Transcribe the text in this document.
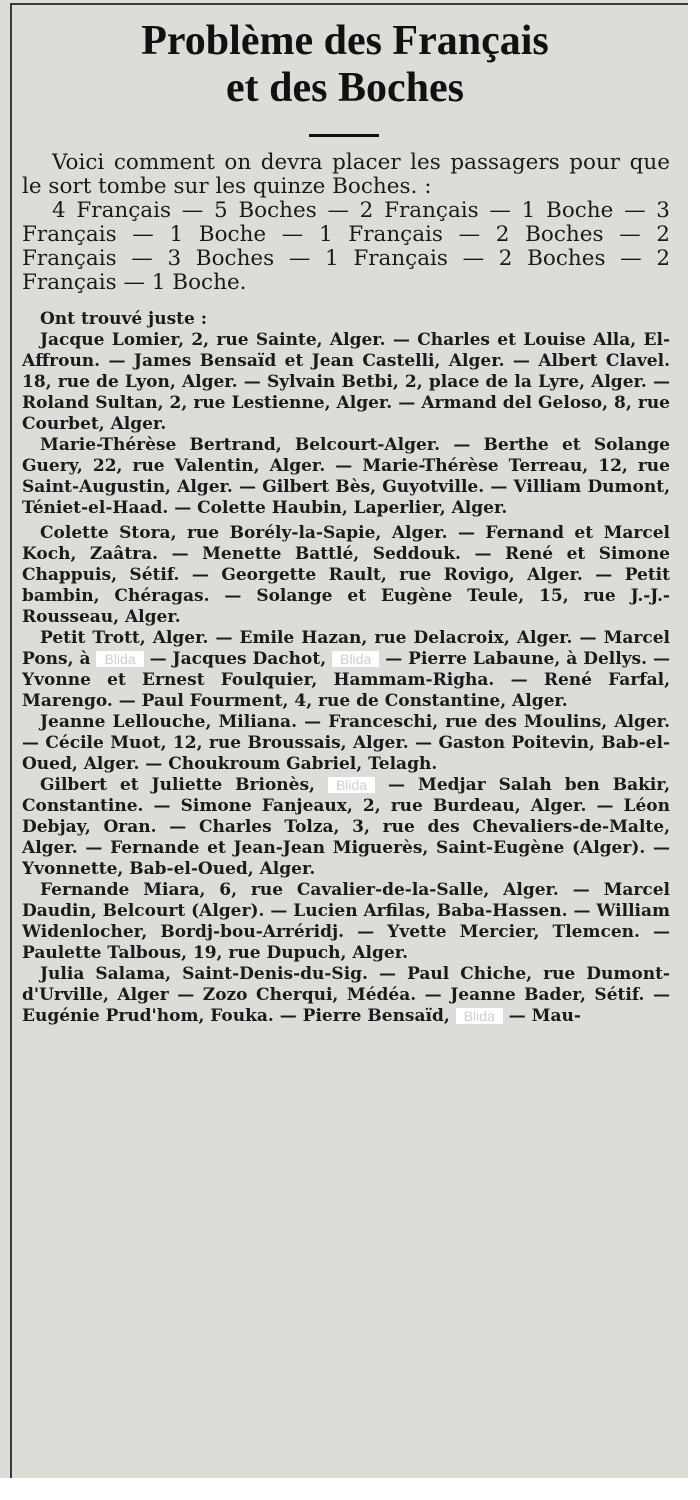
Problème des Français
et des Boches

Voici comment on devra placer les passagers pour que le sort tombe sur les quinze Boches. :

4 Français — 5 Boches — 2 Français — 1 Boche — 3 Français — 1 Boche — 1 Français — 2 Boches — 2 Français — 3 Boches — 1 Français — 2 Boches — 2 Français — 1 Boche.

Ont trouvé juste :

Jacque Lomier, 2, rue Sainte, Alger. — Charles et Louise Alla, El-Affroun. — James Bensaïd et Jean Castelli, Alger. — Albert Clavel. 18, rue de Lyon, Alger. — Sylvain Betbi, 2, place de la Lyre, Alger. — Roland Sultan, 2, rue Lestienne, Alger. — Armand del Geloso, 8, rue Courbet, Alger.

Marie-Thérèse Bertrand, Belcourt-Alger. — Berthe et Solange Guery, 22, rue Valentin, Alger. — Marie-Thérèse Terreau, 12, rue Saint-Augustin, Alger. — Gilbert Bès, Guyotville. — Villiam Dumont, Téniet-el-Haad. — Colette Haubin, Laperlier, Alger.

Colette Stora, rue Borély-la-Sapie, Alger. — Fernand et Marcel Koch, Zaâtra. — Menette Battlé, Seddouk. — René et Simone Chappuis, Sétif. — Georgette Rault, rue Rovigo, Alger. — Petit bambin, Chéragas. — Solange et Eugène Teule, 15, rue J.-J.-Rousseau, Alger.

Petit Trott, Alger. — Emile Hazan, rue Delacroix, Alger. — Marcel Pons, à Blida — Jacques Dachot, Blida — Pierre Labaune, à Dellys. — Yvonne et Ernest Foulquier, Hammam-Righa. — René Farfal, Marengo. — Paul Fourment, 4, rue de Constantine, Alger.

Jeanne Lellouche, Miliana. — Franceschi, rue des Moulins, Alger. — Cécile Muot, 12, rue Broussais, Alger. — Gaston Poitevin, Bab-el-Oued, Alger. — Choukroum Gabriel, Telagh.

Gilbert et Juliette Brionès, Blida — Medjar Salah ben Bakir, Constantine. — Simone Fanjeaux, 2, rue Burdeau, Alger. — Léon Debjay, Oran. — Charles Tolza, 3, rue des Chevaliers-de-Malte, Alger. — Fernande et Jean-Jean Miguerès, Saint-Eugène (Alger). — Yvonnette, Bab-el-Oued, Alger.

Fernande Miara, 6, rue Cavalier-de-la-Salle, Alger. — Marcel Daudin, Belcourt (Alger). — Lucien Arfilas, Baba-Hassen. — William Widenlocher, Bordj-bou-Arréridj. — Yvette Mercier, Tlemcen. — Paulette Talbous, 19, rue Dupuch, Alger.

Julia Salama, Saint-Denis-du-Sig. — Paul Chiche, rue Dumont-d'Urville, Alger — Zozo Cherqui, Médéa. — Jeanne Bader, Sétif. — Eugénie Prud'hom, Fouka. — Pierre Bensaïd, Blida — Mau-
